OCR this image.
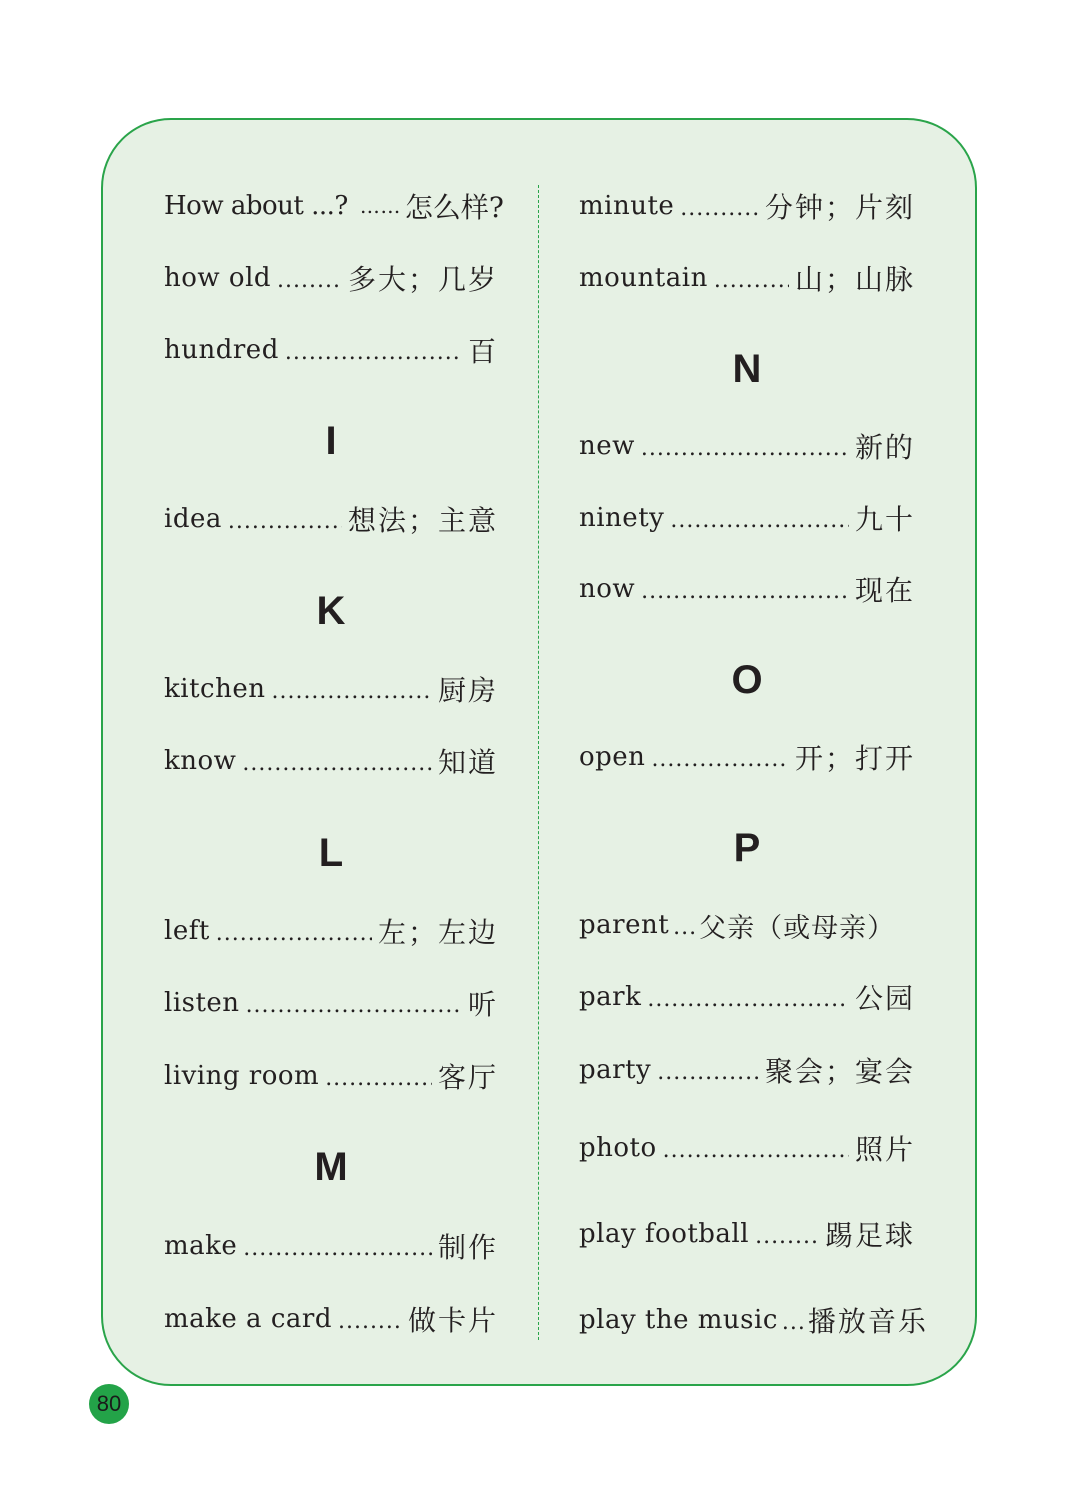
How about ...? …… 怎么样?
how old .....	多大；几岁
hundred .....	百
I
idea .....	想法；主意
K
kitchen .....	厨房
know .....	知道
L
left .....	左；左边
listen .....	听
living room .....	客厅
M
make .....	制作
make a card .....	做卡片
minute .....	分钟；片刻
mountain .....	山；山脉
N
new .....	新的
ninety .....	九十
now .....	现在
O
open .....	开；打开
P
parent ..... 父亲（或母亲）
park .....	公园
party .....	聚会；宴会
photo .....	照片
play football .....	踢足球
play the music ..... 播放音乐
80
